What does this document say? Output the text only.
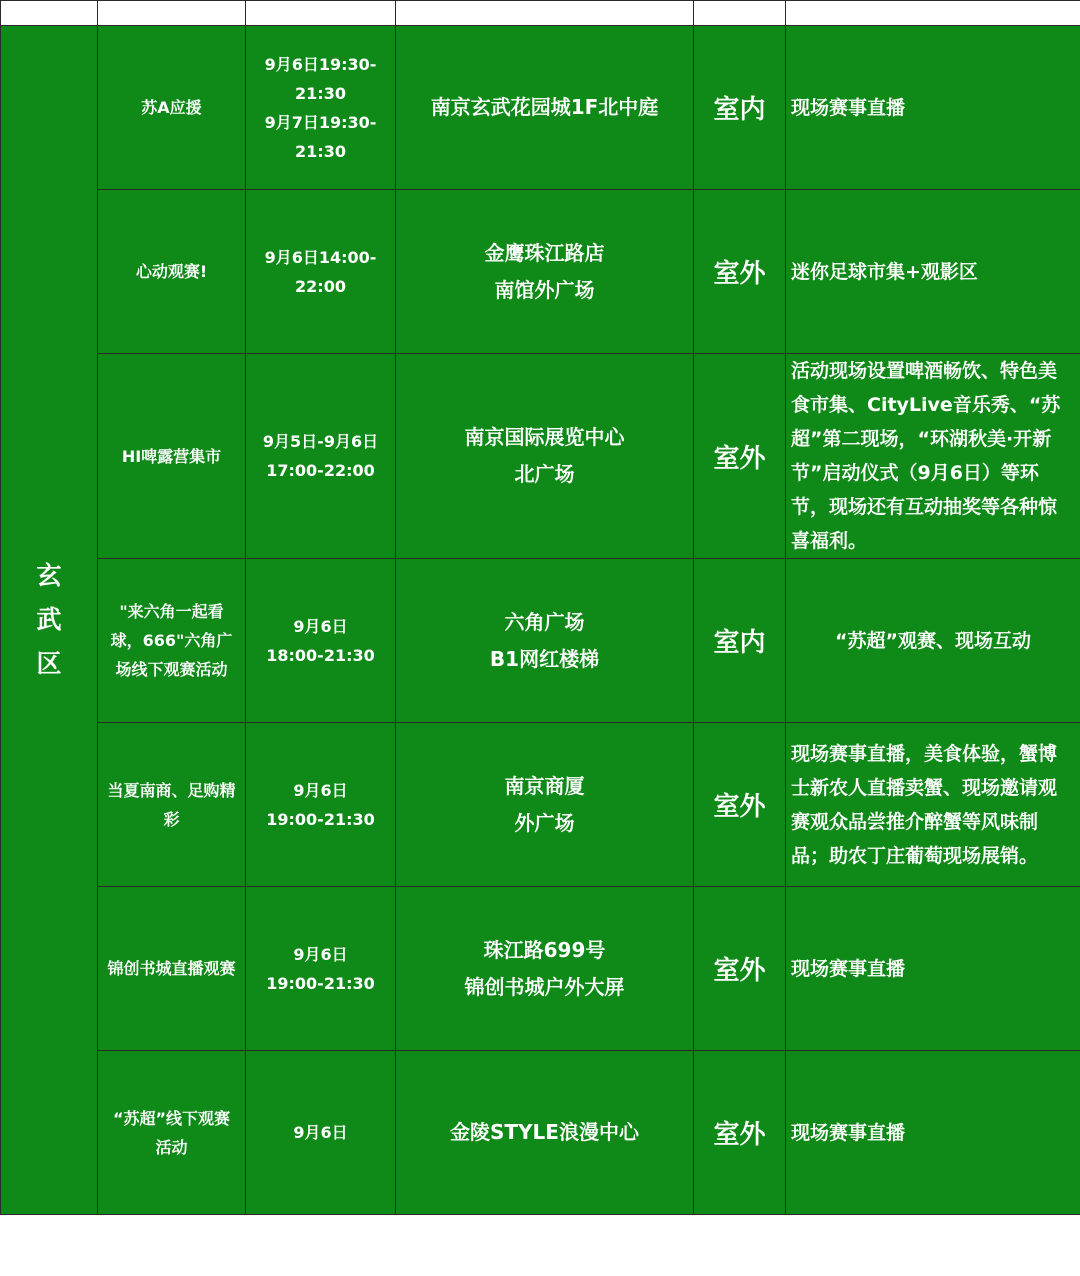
玄
武
区	苏A应援	9月6日19:30-
21:30
9月7日19:30-
21:30	南京玄武花园城1F北中庭	室内	现场赛事直播

	心动观赛!	9月6日14:00-
22:00	金鹰珠江路店
南馆外广场	室外	迷你足球市集+观影区

	HI啤露营集市	9月5日-9月6日
17:00-22:00	南京国际展览中心
北广场	室外	活动现场设置啤酒畅饮、特色美食市集、CityLive音乐秀、“苏超”第二现场，“环湖秋美·开新节”启动仪式（9月6日）等环节，现场还有互动抽奖等各种惊喜福利。

	"来六角一起看
球，666"六角广
场线下观赛活动	9月6日
18:00-21:30	六角广场
B1网红楼梯	室内	“苏超”观赛、现场互动

	当夏南商、足购精
彩	9月6日
19:00-21:30	南京商厦
外广场	室外	现场赛事直播，美食体验，蟹博士新农人直播卖蟹、现场邀请观赛观众品尝推介醉蟹等风味制品；助农丁庄葡萄现场展销。

	锦创书城直播观赛	9月6日
19:00-21:30	珠江路699号
锦创书城户外大屏	室外	现场赛事直播

	“苏超”线下观赛
活动	9月6日	金陵STYLE浪漫中心	室外	现场赛事直播
